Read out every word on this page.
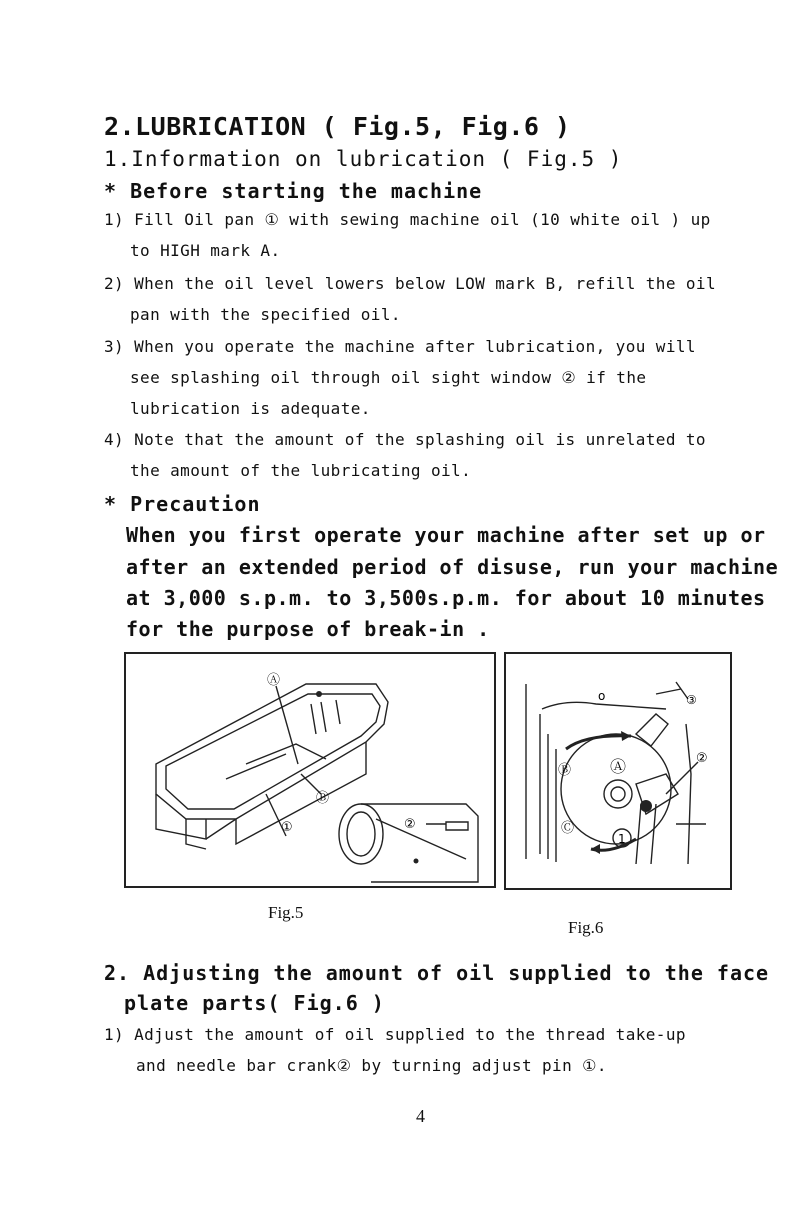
2.LUBRICATION ( Fig.5, Fig.6 )
1.Information on lubrication ( Fig.5 )
* Before starting the machine
1) Fill Oil pan ① with sewing machine oil (10 white oil ) up
to HIGH mark A.
2) When the oil level lowers below LOW mark B, refill the oil
pan with the specified oil.
3) When you operate the machine after lubrication, you will
see splashing oil through oil sight window ② if the
lubrication is adequate.
4) Note that the amount of the splashing oil is unrelated to
the amount of the lubricating oil.
* Precaution
When you first operate your machine after set up or
after an extended period of disuse, run your machine
at 3,000 s.p.m. to 3,500s.p.m. for about 10 minutes
for the purpose of break-in .
Ⓐ
Ⓑ
①	②
o	③
②
Ⓑ Ⓐ
Ⓒ
1
Fig.5
Fig.6
2. Adjusting the amount of oil supplied to the face
plate parts( Fig.6 )
1) Adjust the amount of oil supplied to the thread take-up
and needle bar crank② by turning adjust pin ①.
4
